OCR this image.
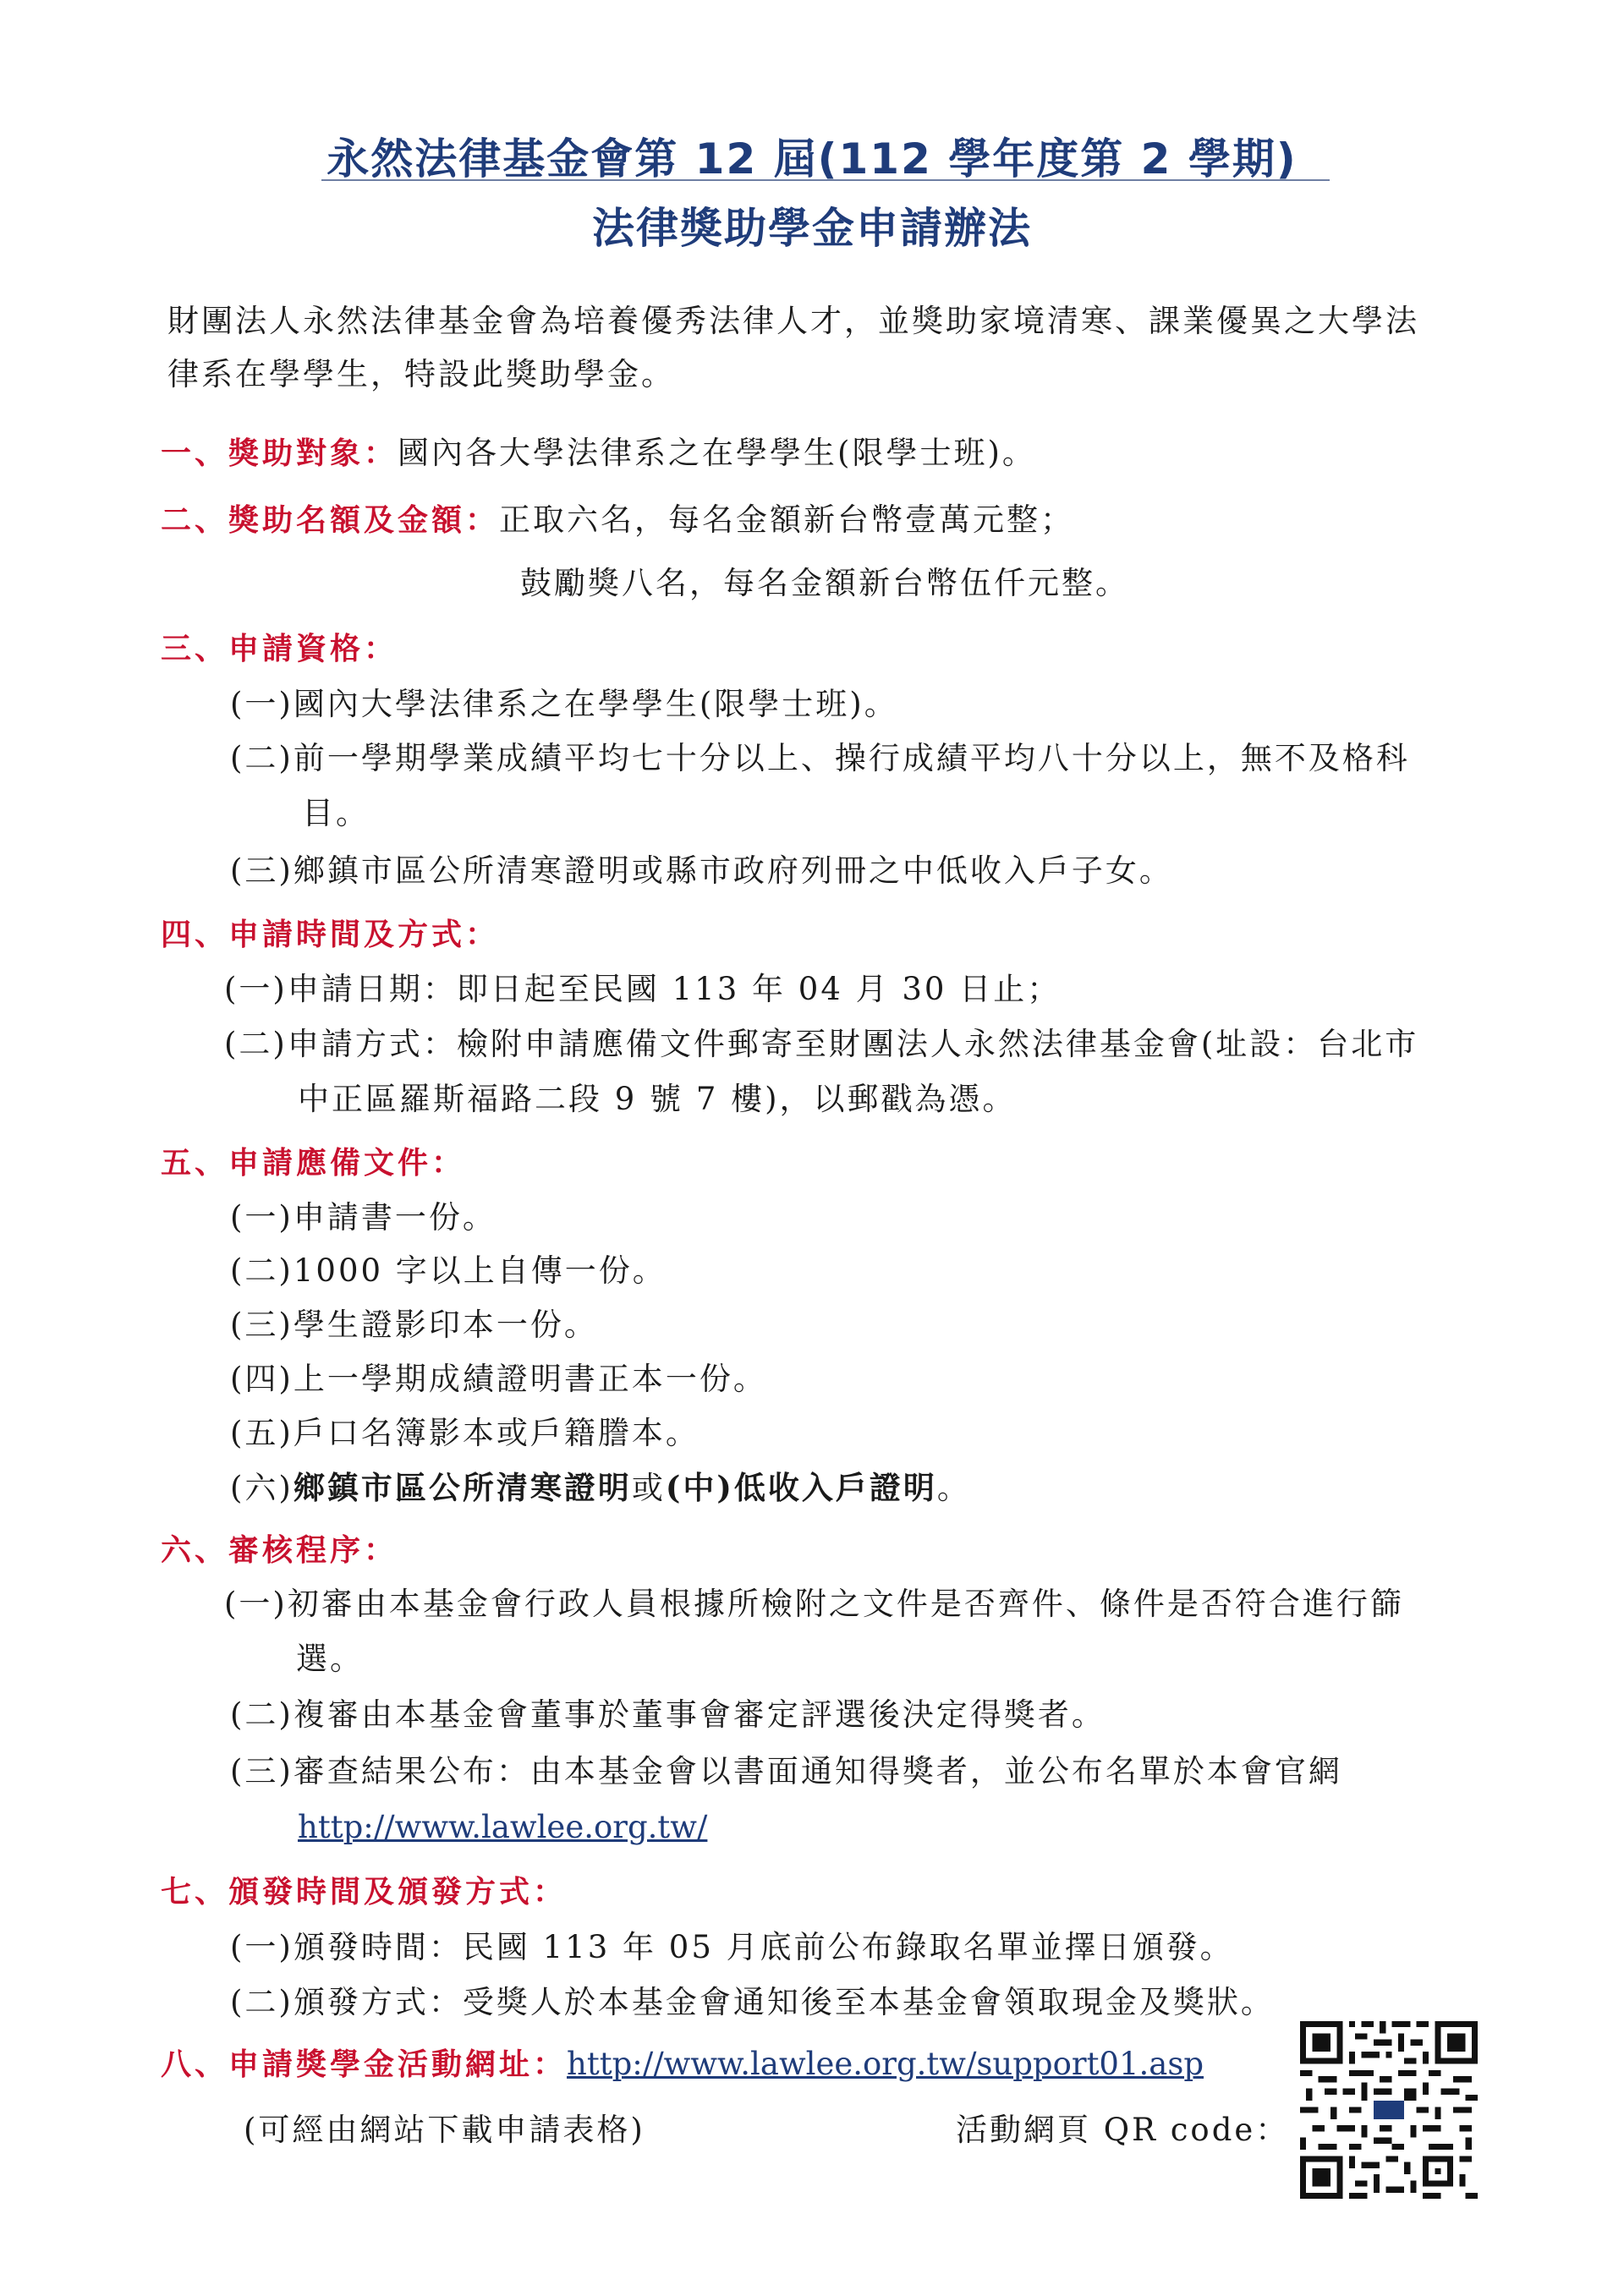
永然法律基金會第 12 屆(112 學年度第 2 學期)
法律獎助學金申請辦法
財團法人永然法律基金會為培養優秀法律人才，並獎助家境清寒、課業優異之大學法
律系在學學生，特設此獎助學金。
一、獎助對象：國內各大學法律系之在學學生(限學士班)。
二、獎助名額及金額：正取六名，每名金額新台幣壹萬元整；
鼓勵獎八名，每名金額新台幣伍仟元整。
三、申請資格：
(一)國內大學法律系之在學學生(限學士班)。
(二)前一學期學業成績平均七十分以上、操行成績平均八十分以上，無不及格科
目。
(三)鄉鎮市區公所清寒證明或縣市政府列冊之中低收入戶子女。
四、申請時間及方式：
(一)申請日期：即日起至民國 113 年 04 月 30 日止；
(二)申請方式：檢附申請應備文件郵寄至財團法人永然法律基金會(址設：台北市
中正區羅斯福路二段 9 號 7 樓)，以郵戳為憑。
五、申請應備文件：
(一)申請書一份。
(二)1000 字以上自傳一份。
(三)學生證影印本一份。
(四)上一學期成績證明書正本一份。
(五)戶口名簿影本或戶籍謄本。
(六)鄉鎮市區公所清寒證明或(中)低收入戶證明。
六、審核程序：
(一)初審由本基金會行政人員根據所檢附之文件是否齊件、條件是否符合進行篩
選。
(二)複審由本基金會董事於董事會審定評選後決定得獎者。
(三)審查結果公布：由本基金會以書面通知得獎者，並公布名單於本會官網
http://www.lawlee.org.tw/
七、頒發時間及頒發方式：
(一)頒發時間：民國 113 年 05 月底前公布錄取名單並擇日頒發。
(二)頒發方式：受獎人於本基金會通知後至本基金會領取現金及獎狀。
八、申請獎學金活動網址：http://www.lawlee.org.tw/support01.asp
(可經由網站下載申請表格)	活動網頁 QR code：
